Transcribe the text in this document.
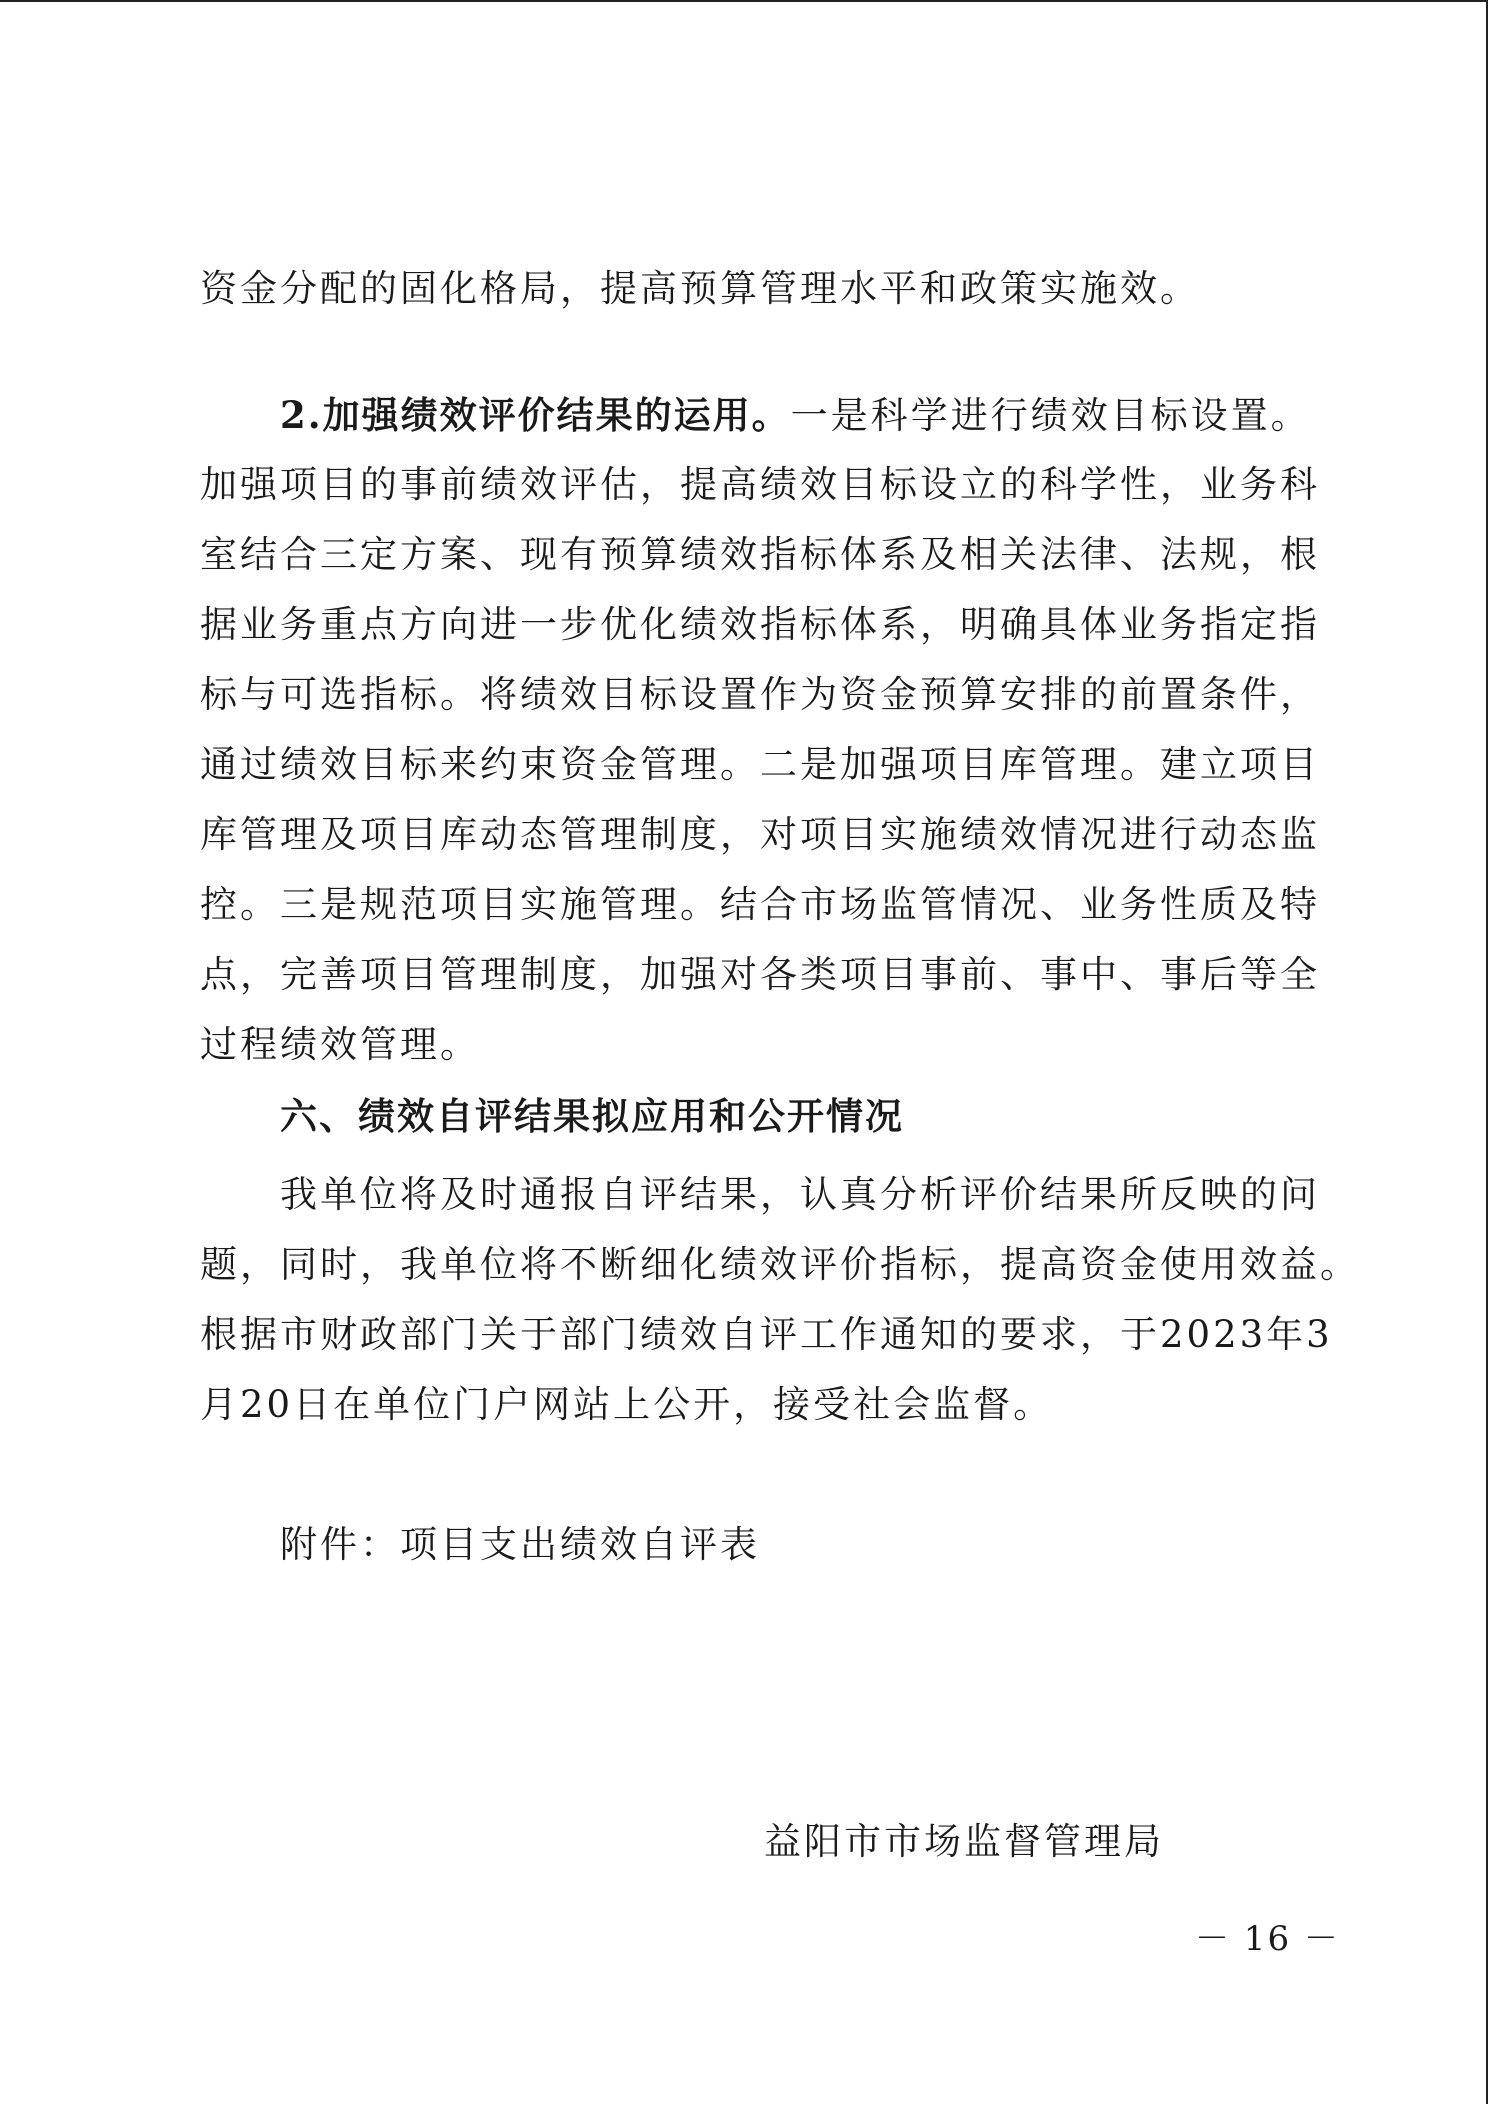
资金分配的固化格局，提高预算管理水平和政策实施效。
2.加强绩效评价结果的运用。一是科学进行绩效目标设置。
加强项目的事前绩效评估，提高绩效目标设立的科学性，业务科
室结合三定方案、现有预算绩效指标体系及相关法律、法规，根
据业务重点方向进一步优化绩效指标体系，明确具体业务指定指
标与可选指标。将绩效目标设置作为资金预算安排的前置条件，
通过绩效目标来约束资金管理。二是加强项目库管理。建立项目
库管理及项目库动态管理制度，对项目实施绩效情况进行动态监
控。三是规范项目实施管理。结合市场监管情况、业务性质及特
点，完善项目管理制度，加强对各类项目事前、事中、事后等全
过程绩效管理。
六、绩效自评结果拟应用和公开情况
我单位将及时通报自评结果，认真分析评价结果所反映的问
题，同时，我单位将不断细化绩效评价指标，提高资金使用效益。
根据市财政部门关于部门绩效自评工作通知的要求，于2023年3
月20日在单位门户网站上公开，接受社会监督。
附件：项目支出绩效自评表
益阳市市场监督管理局
－ 16 －
